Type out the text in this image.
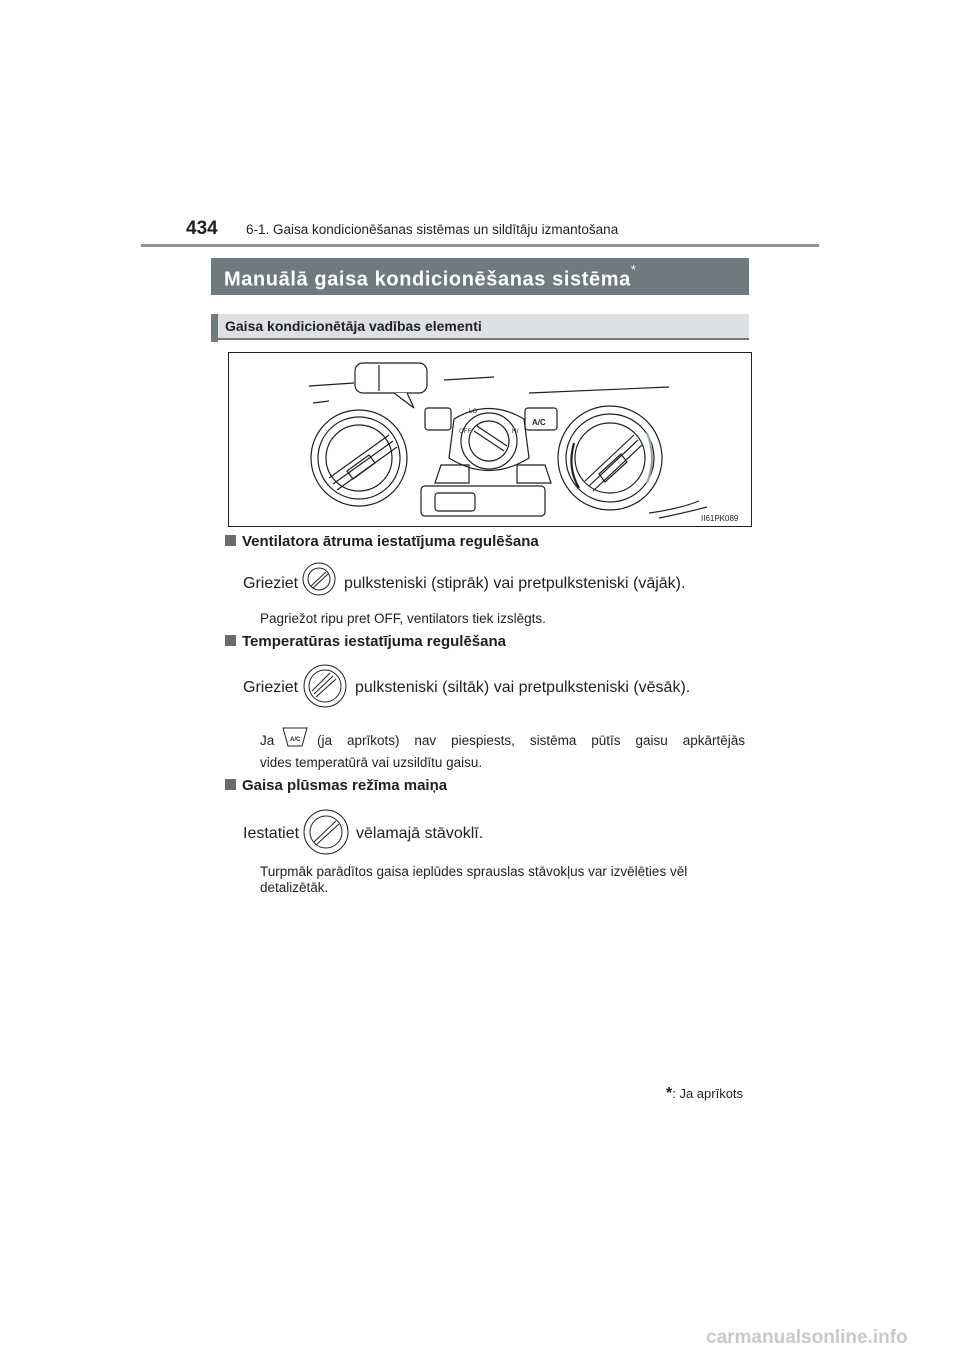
434 6-1. Gaisa kondicionēšanas sistēmas un sildītāju izmantošana
Manuālā gaisa kondicionēšanas sistēma*
Gaisa kondicionētāja vadības elementi
A/C
LO
HI
OFF
II61PK089
Ventilatora ātruma iestatījuma regulēšana
Grieziet	pulksteniski (stiprāk) vai pretpulksteniski (vājāk).
Pagriežot ripu pret OFF, ventilators tiek izslēgts.
Temperatūras iestatījuma regulēšana
Grieziet	pulksteniski (siltāk) vai pretpulksteniski (vēsāk).
Ja	A/C (ja aprīkots) nav piespiests, sistēma pūtīs gaisu apkārtējās
vides temperatūrā vai uzsildītu gaisu.
Gaisa plūsmas režīma maiņa
Iestatiet	vēlamajā stāvoklī.
Turpmāk parādītos gaisa ieplūdes sprauslas stāvokļus var izvēlēties vēl
detalizētāk.
*: Ja aprīkots
carmanualsonline.info
